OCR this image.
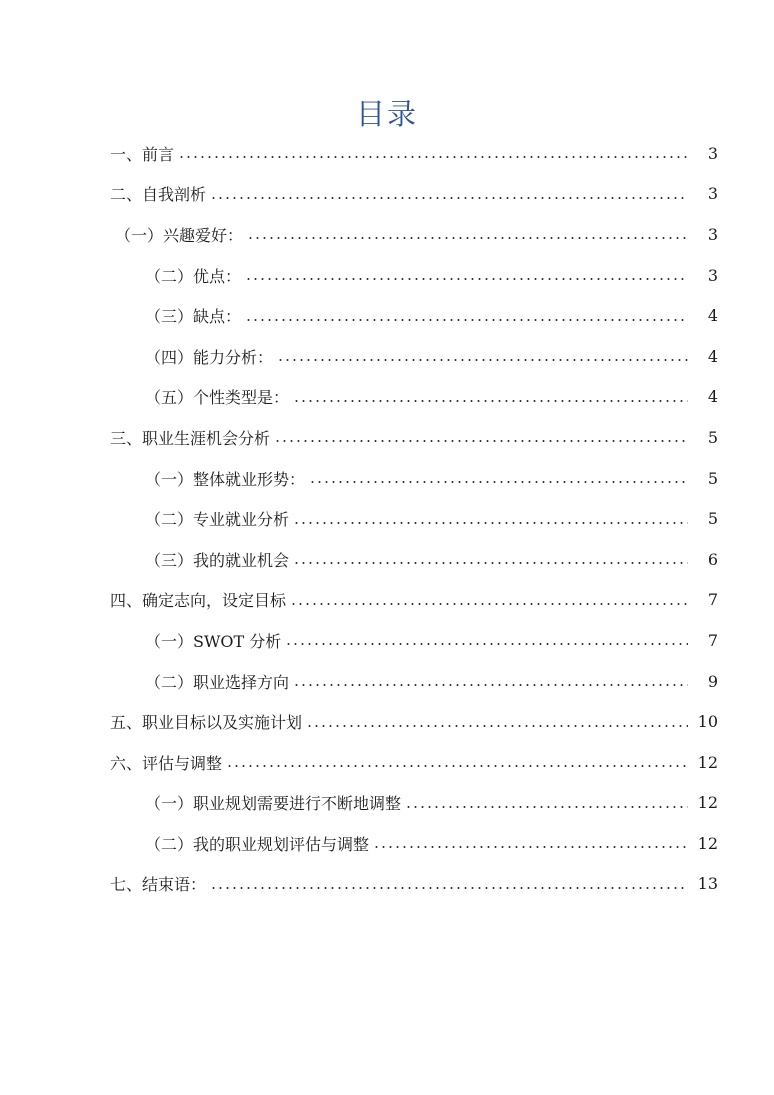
目录
一、前言	3
二、自我剖析	3
（一）兴趣爱好：	3
（二）优点：	3
（三）缺点：	4
（四）能力分析：	4
（五）个性类型是：	4
三、职业生涯机会分析	5
（一）整体就业形势：	5
（二）专业就业分析	5
（三）我的就业机会	6
四、确定志向，设定目标	7
（一）SWOT 分析	7
（二）职业选择方向	9
五、职业目标以及实施计划	10
六、评估与调整	12
（一）职业规划需要进行不断地调整	12
（二）我的职业规划评估与调整	12
七、结束语：	13
